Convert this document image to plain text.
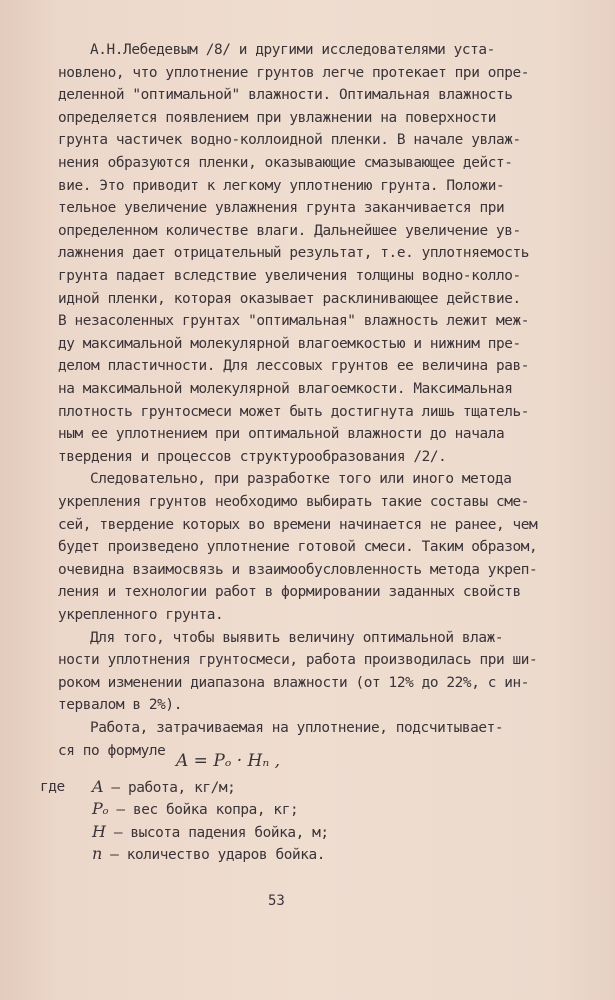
А.Н.Лебедевым /8/ и другими исследователями уста-
новлено, что уплотнение грунтов легче протекает при опре-
деленной "оптимальной" влажности. Оптимальная влажность
определяется появлением при увлажнении на поверхности
грунта частичек водно-коллоидной пленки. В начале увлаж-
нения образуются пленки, оказывающие смазывающее дейст-
вие. Это приводит к легкому уплотнению грунта. Положи-
тельное увеличение увлажнения грунта заканчивается при
определенном количестве влаги. Дальнейшее увеличение ув-
лажнения дает отрицательный результат, т.е. уплотняемость
грунта падает вследствие увеличения толщины водно-колло-
идной пленки, которая оказывает расклинивающее действие.
В незасоленных грунтах "оптимальная" влажность лежит меж-
ду максимальной молекулярной влагоемкостью и нижним пре-
делом пластичности. Для лессовых грунтов ее величина рав-
на максимальной молекулярной влагоемкости. Максимальная
плотность грунтосмеси может быть достигнута лишь тщатель-
ным ее уплотнением при оптимальной влажности до начала
твердения и процессов структурообразования /2/.
Следовательно, при разработке того или иного метода
укрепления грунтов необходимо выбирать такие составы сме-
сей, твердение которых во времени начинается не ранее, чем
будет произведено уплотнение готовой смеси. Таким образом,
очевидна взаимосвязь и взаимообусловленность метода укреп-
ления и технологии работ в формировании заданных свойств
укрепленного грунта.
Для того, чтобы выявить величину оптимальной влаж-
ности уплотнения грунтосмеси, работа производилась при ши-
роком изменении диапазона влажности (от 12% до 22%, с ин-
тервалом в 2%).
Работа, затрачиваемая на уплотнение, подсчитывает-
ся по формуле
A – работа, кг/м;
Pₒ – вес бойка копра, кг;
H – высота падения бойка, м;
n – количество ударов бойка.
53
A = Pₒ · Hₙ ,
где
